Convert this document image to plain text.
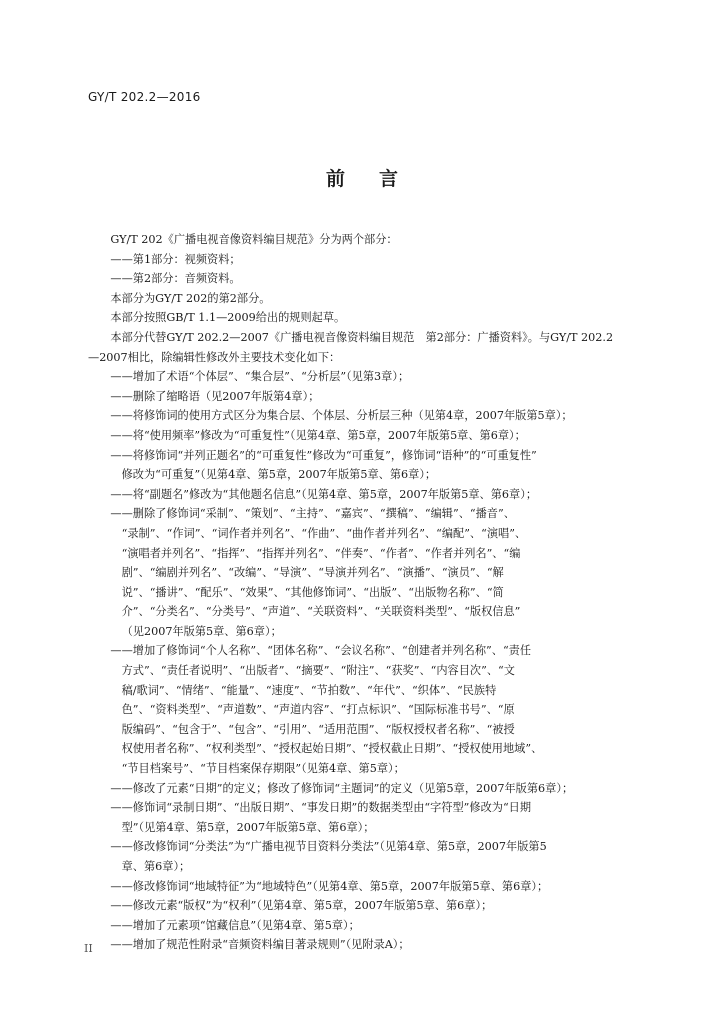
GY/T 202.2—2016
前言
GY/T 202《广播电视音像资料编目规范》分为两个部分：
——第1部分：视频资料；
——第2部分：音频资料。
本部分为GY/T 202的第2部分。
本部分按照GB/T 1.1—2009给出的规则起草。
本部分代替GY/T 202.2—2007《广播电视音像资料编目规范　第2部分：广播资料》。与GY/T 202.2
—2007相比，除编辑性修改外主要技术变化如下：
——增加了术语“个体层”、“集合层”、“分析层”（见第3章）；
——删除了缩略语（见2007年版第4章）；
——将修饰词的使用方式区分为集合层、个体层、分析层三种（见第4章，2007年版第5章）；
——将“使用频率”修改为“可重复性”（见第4章、第5章，2007年版第5章、第6章）；
——将修饰词“并列正题名”的“可重复性”修改为“可重复”，修饰词“语种”的“可重复性”
修改为“可重复”（见第4章、第5章，2007年版第5章、第6章）；
——将“副题名”修改为“其他题名信息”（见第4章、第5章，2007年版第5章、第6章）；
——删除了修饰词“采制”、“策划”、“主持”、“嘉宾”、“撰稿”、“编辑”、“播音”、
“录制”、“作词”、“词作者并列名”、“作曲”、“曲作者并列名”、“编配”、“演唱”、
“演唱者并列名”、“指挥”、“指挥并列名”、“伴奏”、“作者”、“作者并列名”、“编
剧”、“编剧并列名”、“改编”、“导演”、“导演并列名”、“演播”、“演员”、“解
说”、“播讲”、“配乐”、“效果”、“其他修饰词”、“出版”、“出版物名称”、“简
介”、“分类名”、“分类号”、“声道”、“关联资料”、“关联资料类型”、“版权信息”
（见2007年版第5章、第6章）；
——增加了修饰词“个人名称”、“团体名称”、“会议名称”、“创建者并列名称”、“责任
方式”、“责任者说明”、“出版者”、“摘要”、“附注”、“获奖”、“内容目次”、“文
稿/歌词”、“情绪”、“能量”、“速度”、“节拍数”、“年代”、“织体”、“民族特
色”、“资料类型”、“声道数”、“声道内容”、“打点标识”、“国际标准书号”、“原
版编码”、“包含于”、“包含”、“引用”、“适用范围”、“版权授权者名称”、“被授
权使用者名称”、“权利类型”、“授权起始日期”、“授权截止日期”、“授权使用地域”、
“节目档案号”、“节目档案保存期限”（见第4章、第5章）；
——修改了元素“日期”的定义；修改了修饰词“主题词”的定义（见第5章，2007年版第6章）；
——修饰词“录制日期”、“出版日期”、“事发日期”的数据类型由“字符型”修改为“日期
型”（见第4章、第5章，2007年版第5章、第6章）；
——修改修饰词“分类法”为“广播电视节目资料分类法”（见第4章、第5章，2007年版第5
章、第6章）；
——修改修饰词“地域特征”为“地域特色”（见第4章、第5章，2007年版第5章、第6章）；
——修改元素“版权”为“权利”（见第4章、第5章，2007年版第5章、第6章）；
——增加了元素项“馆藏信息”（见第4章、第5章）；
——增加了规范性附录“音频资料编目著录规则”（见附录A）；
II
